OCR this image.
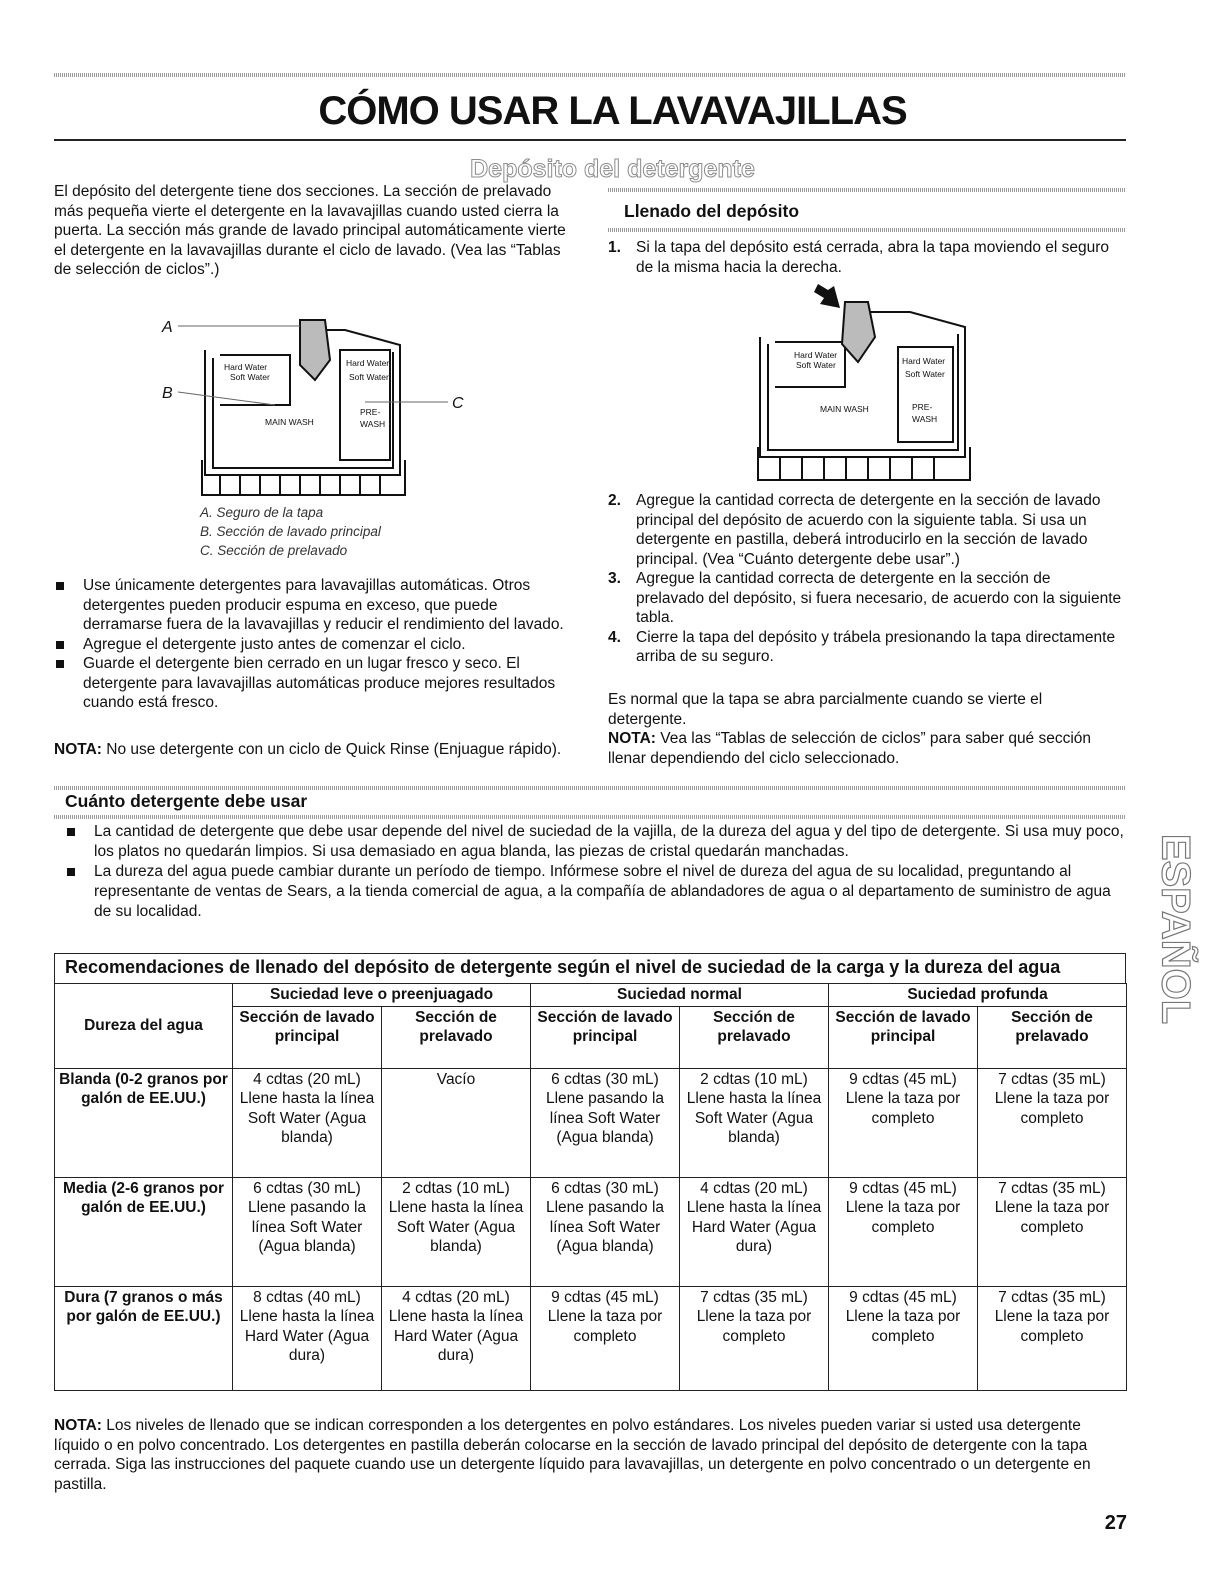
CÓMO USAR LA LAVAVAJILLAS
Depósito del detergente

El depósito del detergente tiene dos secciones. La sección de prelavado más pequeña vierte el detergente en la lavavajillas cuando usted cierra la puerta. La sección más grande de lavado principal automáticamente vierte el detergente en la lavavajillas durante el ciclo de lavado. (Vea las “Tablas de selección de ciclos”.)

Hard Water
Soft Water
Hard Water
Soft Water
MAIN WASH
PRE-
WASH
A
B
C
A. Seguro de la tapa
B. Sección de lavado principal
C. Sección de prelavado
Use únicamente detergentes para lavavajillas automáticas. Otros detergentes pueden producir espuma en exceso, que puede derramarse fuera de la lavavajillas y reducir el rendimiento del lavado.
Agregue el detergente justo antes de comenzar el ciclo.
Guarde el detergente bien cerrado en un lugar fresco y seco. El detergente para lavavajillas automáticas produce mejores resultados cuando está fresco.
NOTA: No use detergente con un ciclo de Quick Rinse (Enjuague rápido).
Llenado del depósito
1. Si la tapa del depósito está cerrada, abra la tapa moviendo el seguro de la misma hacia la derecha.
Hard Water
Soft Water	Hard Water
Soft Water
MAIN WASH	PRE-
WASH
2. Agregue la cantidad correcta de detergente en la sección de lavado principal del depósito de acuerdo con la siguiente tabla. Si usa un detergente en pastilla, deberá introducirlo en la sección de lavado principal. (Vea “Cuánto detergente debe usar”.)
3. Agregue la cantidad correcta de detergente en la sección de prelavado del depósito, si fuera necesario, de acuerdo con la siguiente tabla.
4. Cierre la tapa del depósito y trábela presionando la tapa directamente arriba de su seguro.

Es normal que la tapa se abra parcialmente cuando se vierte el detergente.

NOTA: Vea las “Tablas de selección de ciclos” para saber qué sección llenar dependiendo del ciclo seleccionado.

Cuánto detergente debe usar
La cantidad de detergente que debe usar depende del nivel de suciedad de la vajilla, de la dureza del agua y del tipo de detergente. Si usa muy poco, los platos no quedarán limpios. Si usa demasiado en agua blanda, las piezas de cristal quedarán manchadas.
La dureza del agua puede cambiar durante un período de tiempo. Infórmese sobre el nivel de dureza del agua de su localidad, preguntando al representante de ventas de Sears, a la tienda comercial de agua, a la compañía de ablandadores de agua o al departamento de suministro de agua de su localidad.
Recomendaciones de llenado del depósito de detergente según el nivel de suciedad de la carga y la dureza del agua
Dureza del agua	Suciedad leve o preenjuagado		Suciedad normal		Suciedad profunda	
	Sección de lavado principal	Sección de prelavado	Sección de lavado principal	Sección de prelavado	Sección de lavado principal	Sección de prelavado
Blanda (0-2 granos por galón de EE.UU.)	4 cdtas (20 mL) Llene hasta la línea Soft Water (Agua blanda)	Vacío	6 cdtas (30 mL) Llene pasando la línea Soft Water (Agua blanda)	2 cdtas (10 mL) Llene hasta la línea Soft Water (Agua blanda)	9 cdtas (45 mL) Llene la taza por completo	7 cdtas (35 mL) Llene la taza por completo
Media (2-6 granos por galón de EE.UU.)	6 cdtas (30 mL) Llene pasando la línea Soft Water (Agua blanda)	2 cdtas (10 mL) Llene hasta la línea Soft Water (Agua blanda)	6 cdtas (30 mL) Llene pasando la línea Soft Water (Agua blanda)	4 cdtas (20 mL) Llene hasta la línea Hard Water (Agua dura)	9 cdtas (45 mL) Llene la taza por completo	7 cdtas (35 mL) Llene la taza por completo
Dura (7 granos o más por galón de EE.UU.)	8 cdtas (40 mL) Llene hasta la línea Hard Water (Agua dura)	4 cdtas (20 mL) Llene hasta la línea Hard Water (Agua dura)	9 cdtas (45 mL) Llene la taza por completo	7 cdtas (35 mL) Llene la taza por completo	9 cdtas (45 mL) Llene la taza por completo	7 cdtas (35 mL) Llene la taza por completo
NOTA: Los niveles de llenado que se indican corresponden a los detergentes en polvo estándares. Los niveles pueden variar si usted usa detergente líquido o en polvo concentrado. Los detergentes en pastilla deberán colocarse en la sección de lavado principal del depósito de detergente con la tapa cerrada. Siga las instrucciones del paquete cuando use un detergente líquido para lavavajillas, un detergente en polvo concentrado o un detergente en pastilla.
ESPAÑOL
27
